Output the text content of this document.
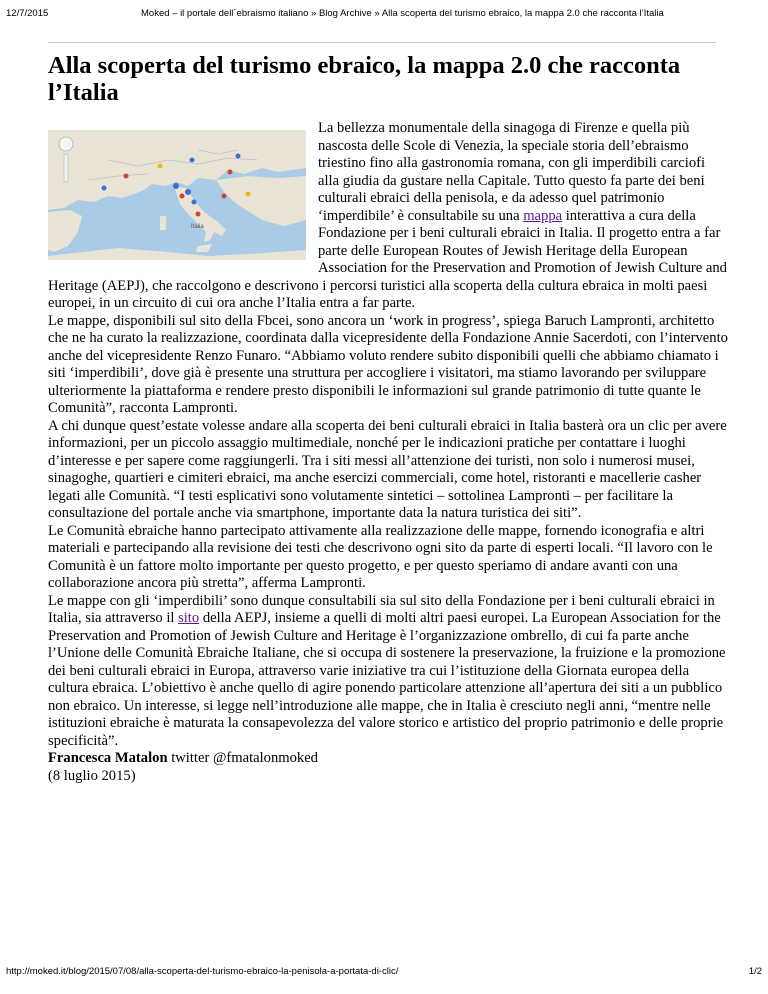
12/7/2015	Moked – il portale dell´ebraismo italiano » Blog Archive » Alla scoperta del turismo ebraico, la mappa 2.0 che racconta l’Italia
Alla scoperta del turismo ebraico, la mappa 2.0 che racconta l’Italia
Italia

La bellezza monumentale della sinagoga di Firenze e quella più nascosta delle Scole di Venezia, la speciale storia dell’ebraismo triestino fino alla gastronomia romana, con gli imperdibili carciofi alla giudia da gustare nella Capitale. Tutto questo fa parte dei beni culturali ebraici della penisola, e da adesso quel patrimonio ‘imperdibile’ è consultabile su una mappa interattiva a cura della Fondazione per i beni culturali ebraici in Italia. Il progetto entra a far parte delle European Routes of Jewish Heritage della European Association for the Preservation and Promotion of Jewish Culture and Heritage (AEPJ), che raccolgono e descrivono i percorsi turistici alla scoperta della cultura ebraica in molti paesi europei, in un circuito di cui ora anche l’Italia entra a far parte.

Le mappe, disponibili sul sito della Fbcei, sono ancora un ‘work in progress’, spiega Baruch Lampronti, architetto che ne ha curato la realizzazione, coordinata dalla vicepresidente della Fondazione Annie Sacerdoti, con l’intervento anche del vicepresidente Renzo Funaro. “Abbiamo voluto rendere subito disponibili quelli che abbiamo chiamato i siti ‘imperdibili’, dove già è presente una struttura per accogliere i visitatori, ma stiamo lavorando per sviluppare ulteriormente la piattaforma e rendere presto disponibili le informazioni sul grande patrimonio di tutte quante le Comunità”, racconta Lampronti.

A chi dunque quest’estate volesse andare alla scoperta dei beni culturali ebraici in Italia basterà ora un clic per avere informazioni, per un piccolo assaggio multimediale, nonché per le indicazioni pratiche per contattare i luoghi d’interesse e per sapere come raggiungerli. Tra i siti messi all’attenzione dei turisti, non solo i numerosi musei, sinagoghe, quartieri e cimiteri ebraici, ma anche esercizi commerciali, come hotel, ristoranti e macellerie casher legati alle Comunità. “I testi esplicativi sono volutamente sintetici – sottolinea Lampronti – per facilitare la consultazione del portale anche via smartphone, importante data la natura turistica dei siti”.

Le Comunità ebraiche hanno partecipato attivamente alla realizzazione delle mappe, fornendo iconografia e altri materiali e partecipando alla revisione dei testi che descrivono ogni sito da parte di esperti locali. “Il lavoro con le Comunità è un fattore molto importante per questo progetto, e per questo speriamo di andare avanti con una collaborazione ancora più stretta”, afferma Lampronti.

Le mappe con gli ‘imperdibili’ sono dunque consultabili sia sul sito della Fondazione per i beni culturali ebraici in Italia, sia attraverso il sito della AEPJ, insieme a quelli di molti altri paesi europei. La European Association for the Preservation and Promotion of Jewish Culture and Heritage è l’organizzazione ombrello, di cui fa parte anche l’Unione delle Comunità Ebraiche Italiane, che si occupa di sostenere la preservazione, la fruizione e la promozione dei beni culturali ebraici in Europa, attraverso varie iniziative tra cui l’istituzione della Giornata europea della cultura ebraica. L’obiettivo è anche quello di agire ponendo particolare attenzione all’apertura dei siti a un pubblico non ebraico. Un interesse, si legge nell’introduzione alle mappe, che in Italia è cresciuto negli anni, “mentre nelle istituzioni ebraiche è maturata la consapevolezza del valore storico e artistico del proprio patrimonio e delle proprie specificità”.

Francesca Matalon twitter @fmatalonmoked

(8 luglio 2015)

http://moked.it/blog/2015/07/08/alla-scoperta-del-turismo-ebraico-la-penisola-a-portata-di-clic/	1/2
